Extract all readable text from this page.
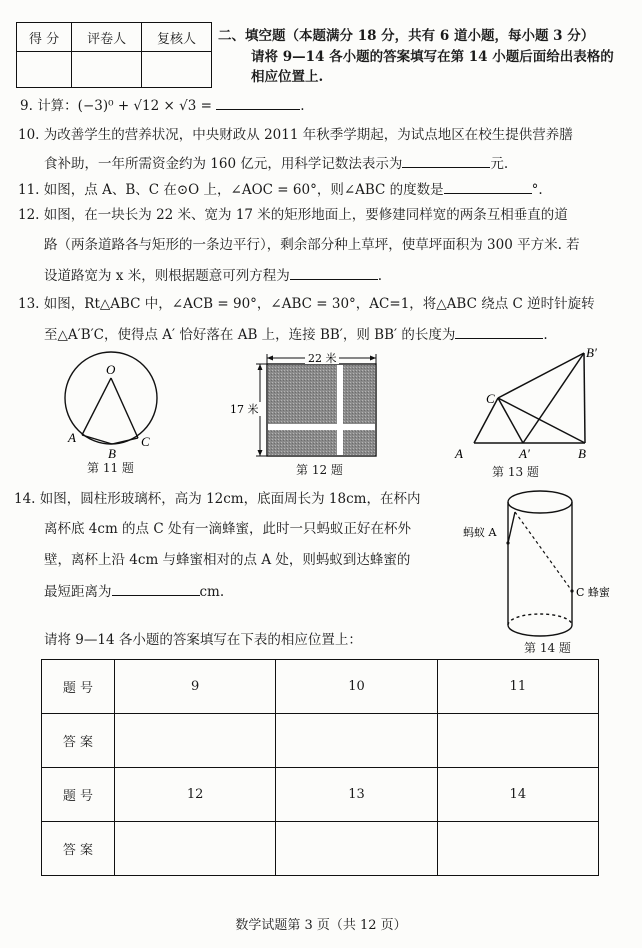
得 分	评卷人	复核人
		二、填空题（本题满分 18 分，共有 6 道小题，每小题 3 分）
请将 9—14 各小题的答案填写在第 14 小题后面给出表格的
相应位置上.
9. 计算：(−3)⁰ + √12 × √3 =	.
10. 为改善学生的营养状况，中央财政从 2011 年秋季学期起，为试点地区在校生提供营养膳
食补助，一年所需资金约为 160 亿元，用科学记数法表示为	元.
11. 如图，点 A、B、C 在⊙O 上，∠AOC = 60°，则∠ABC 的度数是	°.
12. 如图，在一块长为 22 米、宽为 17 米的矩形地面上，要修建同样宽的两条互相垂直的道
路（两条道路各与矩形的一条边平行），剩余部分种上草坪，使草坪面积为 300 平方米. 若
设道路宽为 x 米，则根据题意可列方程为	.
13. 如图，Rt△ABC 中，∠ACB = 90°，∠ABC = 30°，AC=1，将△ABC 绕点 C 逆时针旋转
至△A′B′C，使得点 A′ 恰好落在 AB 上，连接 BB′，则 BB′ 的长度为	.
O
A
B
C
第 11 题
22 米
17 米
第 12 题
A	A′	B
B′
C
第 13 题
14. 如图，圆柱形玻璃杯，高为 12cm，底面周长为 18cm，在杯内
离杯底 4cm 的点 C 处有一滴蜂蜜，此时一只蚂蚁正好在杯外
壁，离杯上沿 4cm 与蜂蜜相对的点 A 处，则蚂蚁到达蜂蜜的
最短距离为	cm.
蚂蚁 A
C 蜂蜜
第 14 题
请将 9—14 各小题的答案填写在下表的相应位置上：
题 号	9	10	11
答 案			
题 号	12	13	14
答 案			
数学试题第 3 页（共 12 页）
